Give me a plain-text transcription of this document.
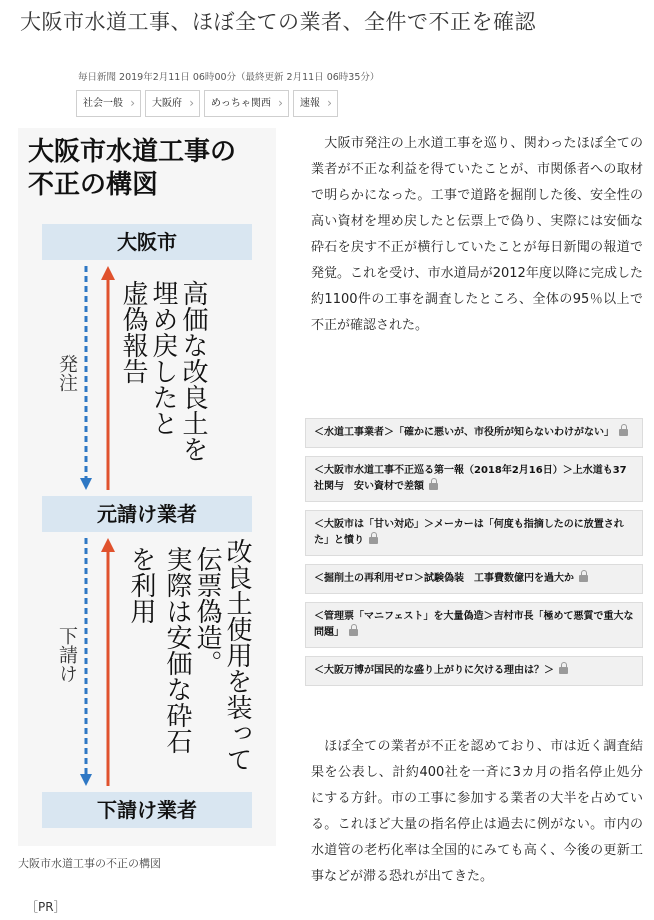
大阪市水道工事、ほぼ全ての業者、全件で不正を確認
毎日新聞 2019年2月11日 06時00分（最終更新 2月11日 06時35分）
社会一般 ›	大阪府 ›	めっちゃ関西 ›	速報 ›
大阪市水道工事の
不正の構図
大阪市
元請け業者
下請け業者
発注
下請け
高価な改良土を
埋め戻したと
虚偽報告
改良土使用を装って
伝票偽造。
実際は安価な砕石
を利用
大阪市水道工事の不正の構図
［PR］

　大阪市発注の上水道工事を巡り、関わったほぼ全ての業者が不正な利益を得ていたことが、市関係者への取材で明らかになった。工事で道路を掘削した後、安全性の高い資材を埋め戻したと伝票上で偽り、実際には安価な砕石を戻す不正が横行していたことが毎日新聞の報道で発覚。これを受け、市水道局が2012年度以降に完成した約1100件の工事を調査したところ、全体の95％以上で不正が確認された。

＜水道工事業者＞「確かに悪いが、市役所が知らないわけがない」
＜大阪市水道工事不正巡る第一報（2018年2月16日）＞上水道も37社関与　安い資材で差額
＜大阪市は「甘い対応」＞メーカーは「何度も指摘したのに放置された」と憤り
＜掘削土の再利用ゼロ＞試験偽装　工事費数億円を過大か
＜管理票「マニフェスト」を大量偽造＞吉村市長「極めて悪質で重大な問題」
＜大阪万博が国民的な盛り上がりに欠ける理由は？＞

　ほぼ全ての業者が不正を認めており、市は近く調査結果を公表し、計約400社を一斉に3カ月の指名停止処分にする方針。市の工事に参加する業者の大半を占めている。これほど大量の指名停止は過去に例がない。市内の水道管の老朽化率は全国的にみても高く、今後の更新工事などが滞る恐れが出てきた。
